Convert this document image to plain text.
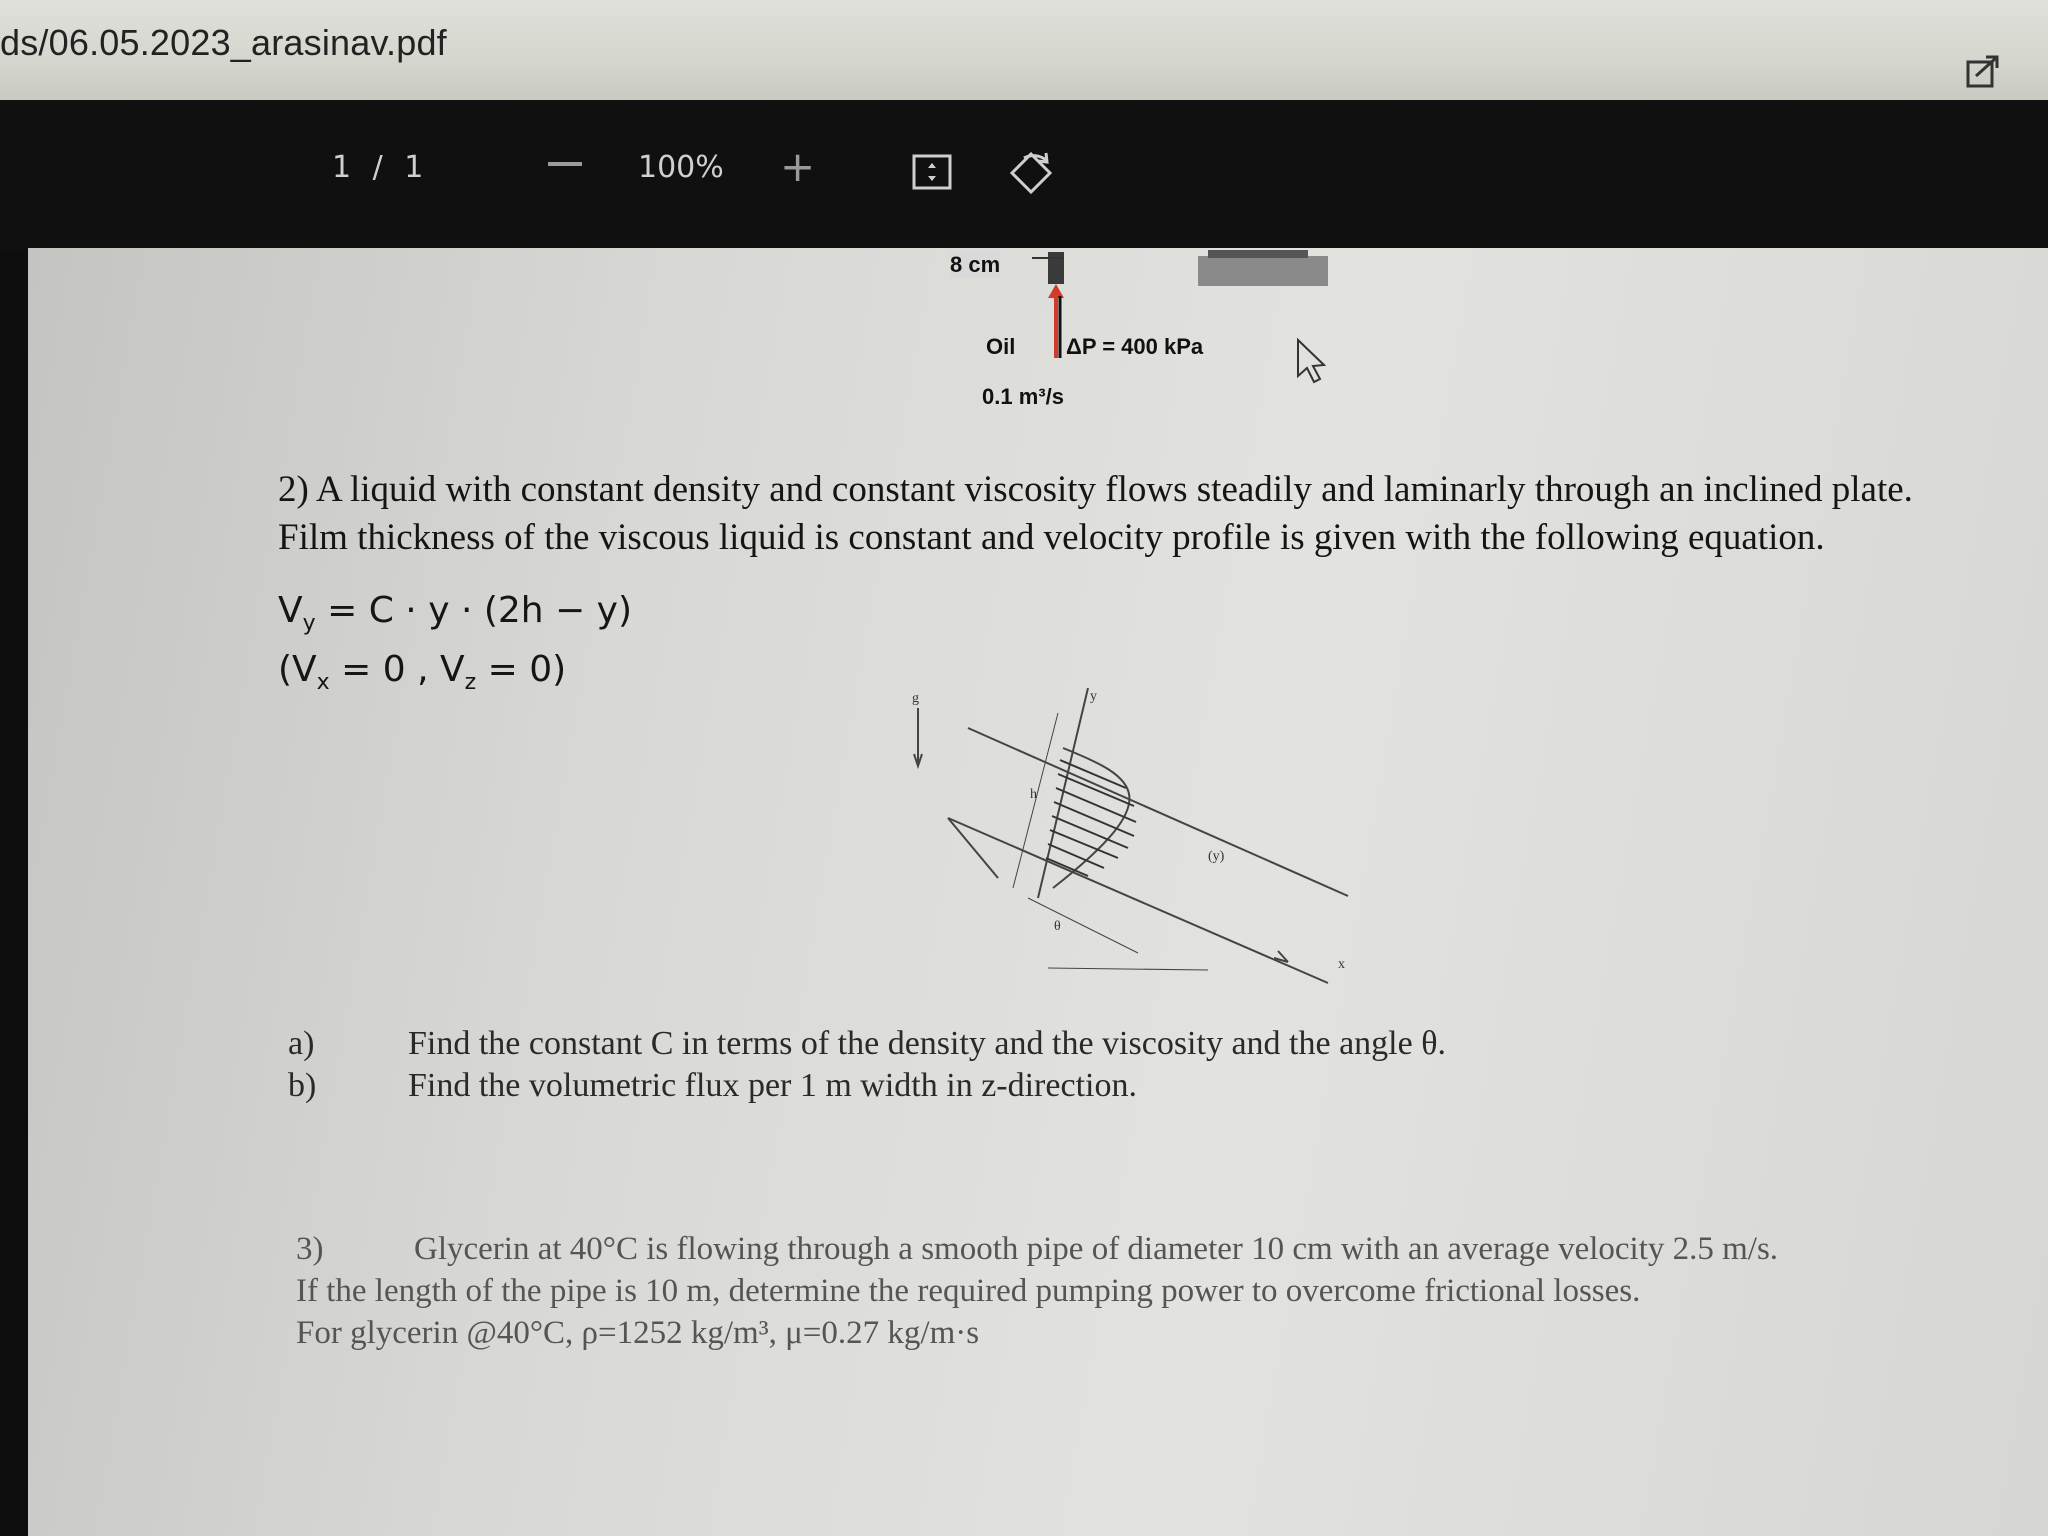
ds/06.05.2023_arasinav.pdf
1 / 1	100% +
8 cm
Oil ΔP = 400 kPa
0.1 m³/s
2) A liquid with constant density and constant viscosity flows steadily and laminarly through an inclined plate.
Film thickness of the viscous liquid is constant and velocity profile is given with the following equation.
$V_y = C \cdot y \cdot (2h - y)$
($V_x = 0$ , $V_z = 0$)
g	y
x
h
θ
(y)
a)	Find the constant C in terms of the density and the viscosity and the angle θ.
b)	Find the volumetric flux per 1 m width in z-direction.
3)	Glycerin at 40°C is flowing through a smooth pipe of diameter 10 cm with an average velocity 2.5 m/s.
If the length of the pipe is 10 m, determine the required pumping power to overcome frictional losses.
For glycerin @40°C, ρ=1252 kg/m³, μ=0.27 kg/m·s
